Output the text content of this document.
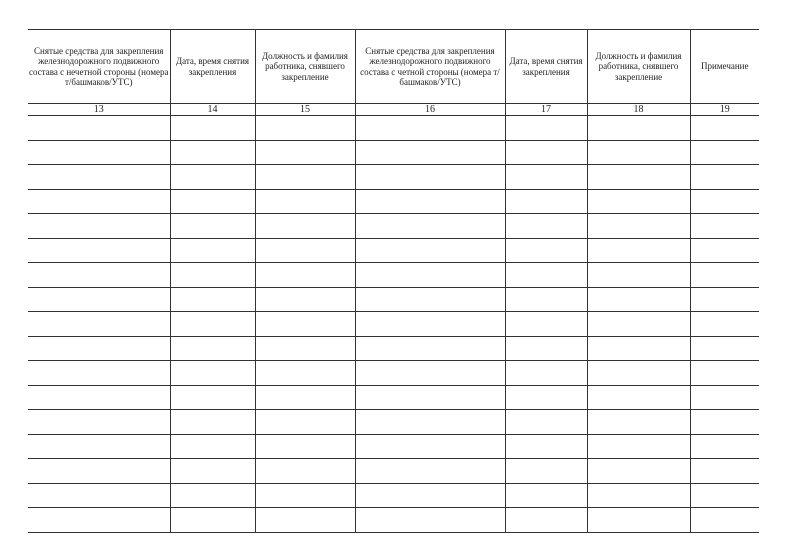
Снятые средства для закрепления железнодорожного подвижного состава с нечетной стороны (номера т/башмаков/УТС)	Дата, время снятия закрепления	Должность и фамилия работника, снявшего закрепление	Снятые средства для закрепления железнодорожного подвижного состава с четной стороны (номера т/башмаков/УТС)	Дата, время снятия закрепления	Должность и фамилия работника, снявшего закрепление	Примечание
13	14	15	16	17	18	19
